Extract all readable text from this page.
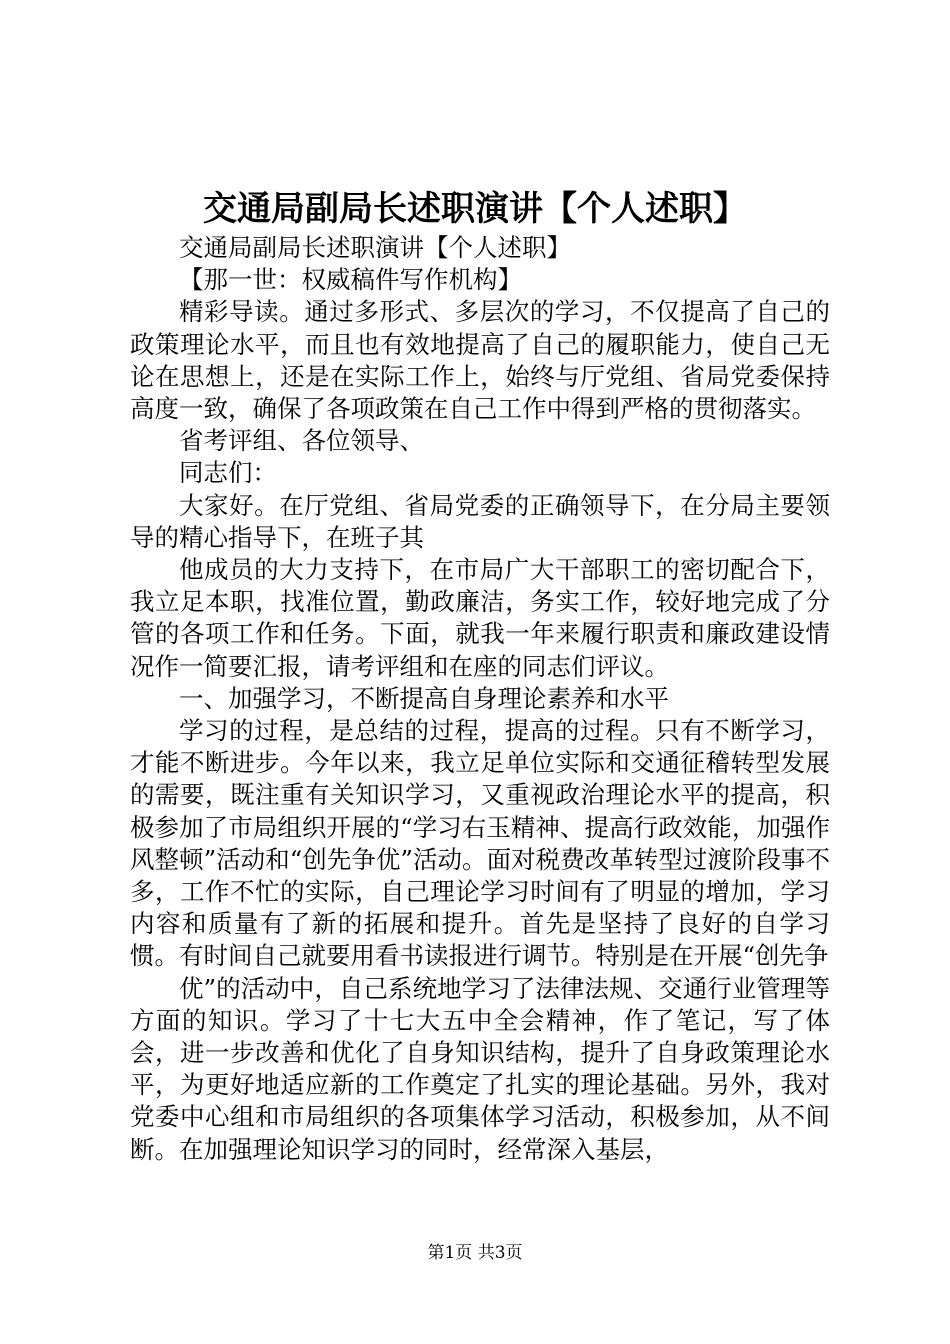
交通局副局长述职演讲【个人述职】

交通局副局长述职演讲【个人述职】

【那一世：权威稿件写作机构】

精彩导读。通过多形式、多层次的学习，不仅提高了自己的政策理论水平，而且也有效地提高了自己的履职能力，使自己无论在思想上，还是在实际工作上，始终与厅党组、省局党委保持高度一致，确保了各项政策在自己工作中得到严格的贯彻落实。

省考评组、各位领导、

同志们：

大家好。在厅党组、省局党委的正确领导下，在分局主要领导的精心指导下，在班子其

他成员的大力支持下，在市局广大干部职工的密切配合下，我立足本职，找准位置，勤政廉洁，务实工作，较好地完成了分管的各项工作和任务。下面，就我一年来履行职责和廉政建设情况作一简要汇报，请考评组和在座的同志们评议。

一、加强学习，不断提高自身理论素养和水平

学习的过程，是总结的过程，提高的过程。只有不断学习，才能不断进步。今年以来，我立足单位实际和交通征稽转型发展的需要，既注重有关知识学习，又重视政治理论水平的提高，积极参加了市局组织开展的“学习右玉精神、提高行政效能，加强作风整顿”活动和“创先争优”活动。面对税费改革转型过渡阶段事不多，工作不忙的实际，自己理论学习时间有了明显的增加，学习内容和质量有了新的拓展和提升。首先是坚持了良好的自学习惯。有时间自己就要用看书读报进行调节。特别是在开展“创先争

优”的活动中，自己系统地学习了法律法规、交通行业管理等方面的知识。学习了十七大五中全会精神，作了笔记，写了体会，进一步改善和优化了自身知识结构，提升了自身政策理论水平，为更好地适应新的工作奠定了扎实的理论基础。另外，我对党委中心组和市局组织的各项集体学习活动，积极参加，从不间断。在加强理论知识学习的同时，经常深入基层，

第1页 共3页
